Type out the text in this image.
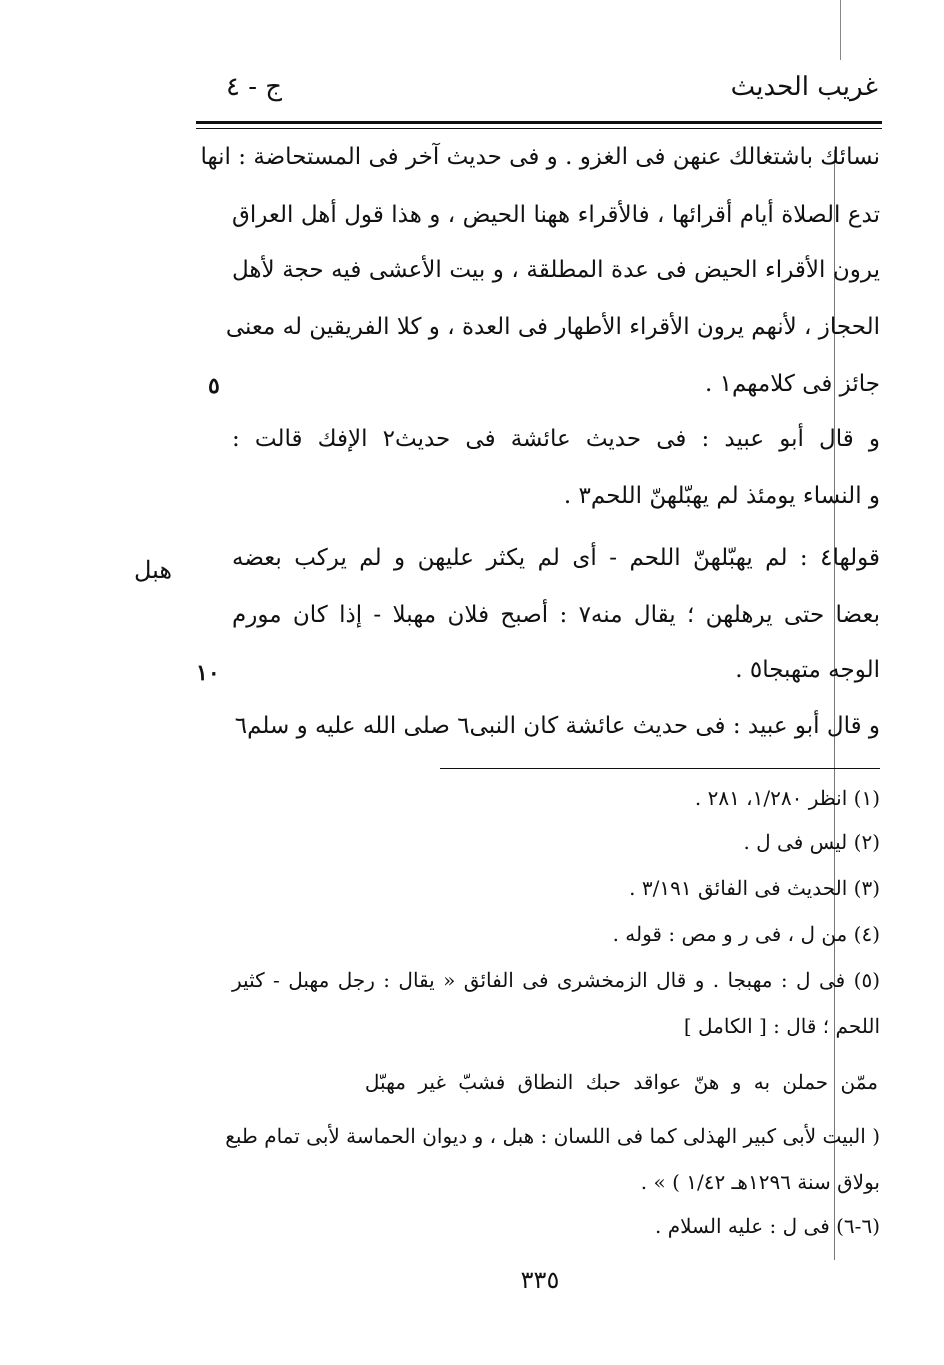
غريب الحديث
ج - ٤
نسائك باشتغالك عنهن فى الغزو . و فى حديث آخر فى المستحاضة : انها
تدع الصلاة أيام أقرائها ، فالأقراء ههنا الحيض ، و هذا قول أهل العراق
يرون الأقراء الحيض فى عدة المطلقة ، و بيت الأعشى فيه حجة لأهل
الحجاز ، لأنهم يرون الأقراء الأطهار فى العدة ، و كلا الفريقين له معنى
جائز فى كلامهم١ .
و قال أبو عبيد : فى حديث عائشة فى حديث٢ الإفك قالت :
و النساء يومئذ لم يهبّلهنّ اللحم٣ .
قولها٤ : لم يهبّلهنّ اللحم - أى لم يكثر عليهن و لم يركب بعضه
بعضا حتى يرهلهن ؛ يقال منه٧ : أصبح فلان مهبلا - إذا كان مورم
الوجه متهبجا٥ .
و قال أبو عبيد : فى حديث عائشة كان النبى٦ صلى الله عليه و سلم٦
٥
١٠
هبل
(١) انظر ١/٢٨٠، ٢٨١ .
(٢) ليس فى ل .
(٣) الحديث فى الفائق ٣/١٩١ .
(٤) من ل ، فى ر و مص : قوله .
(٥) فى ل : مهبجا . و قال الزمخشرى فى الفائق « يقال : رجل مهبل - كثير
اللحم ؛ قال : [ الكامل ]
ممّن حملن به و هنّ عواقد حبك النطاق فشبّ غير مهبّل
( البيت لأبى كبير الهذلى كما فى اللسان : هبل ، و ديوان الحماسة لأبى تمام طبع
بولاق سنة ١٢٩٦هـ ١/٤٢ ) » .
(٦-٦) فى ل : عليه السلام .
٣٣٥
